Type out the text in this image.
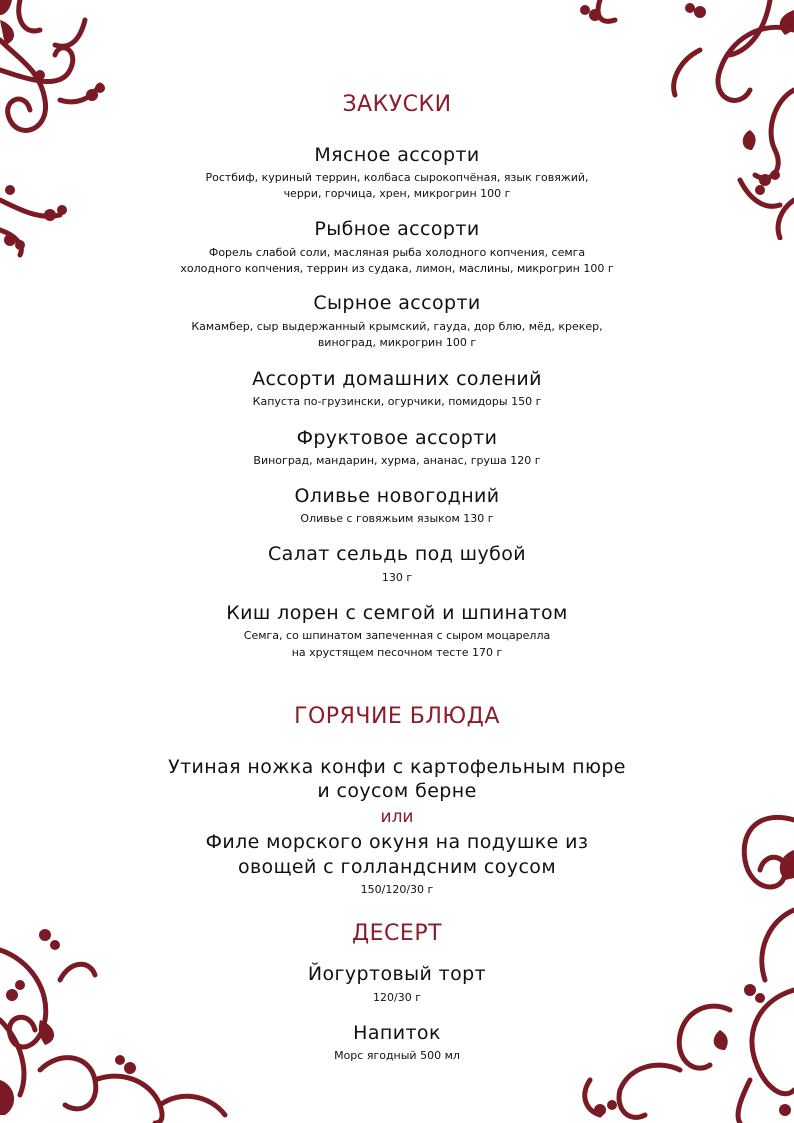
ЗАКУСКИ
Мясное ассорти
Ростбиф, куриный террин, колбаса сырокопчёная, язык говяжий,
черри, горчица, хрен, микрогрин 100 г
Рыбное ассорти
Форель слабой соли, масляная рыба холодного копчения, семга
холодного копчения, террин из судака, лимон, маслины, микрогрин 100 г
Сырное ассорти
Камамбер, сыр выдержанный крымский, гауда, дор блю, мёд, крекер,
виноград, микрогрин 100 г
Ассорти домашних солений
Капуста по-грузински, огурчики, помидоры 150 г
Фруктовое ассорти
Виноград, мандарин, хурма, ананас, груша 120 г
Оливье новогодний
Оливье с говяжьим языком 130 г
Салат сельдь под шубой
130 г
Киш лорен с семгой и шпинатом
Семга, со шпинатом запеченная с сыром моцарелла
на хрустящем песочном тесте 170 г
ГОРЯЧИЕ БЛЮДА
Утиная ножка конфи с картофельным пюре
и соусом берне
или
Филе морского окуня на подушке из
овощей с голландсним соусом
150/120/30 г
ДЕСЕРТ
Йогуртовый торт
120/30 г
Напиток
Морс ягодный 500 мл
